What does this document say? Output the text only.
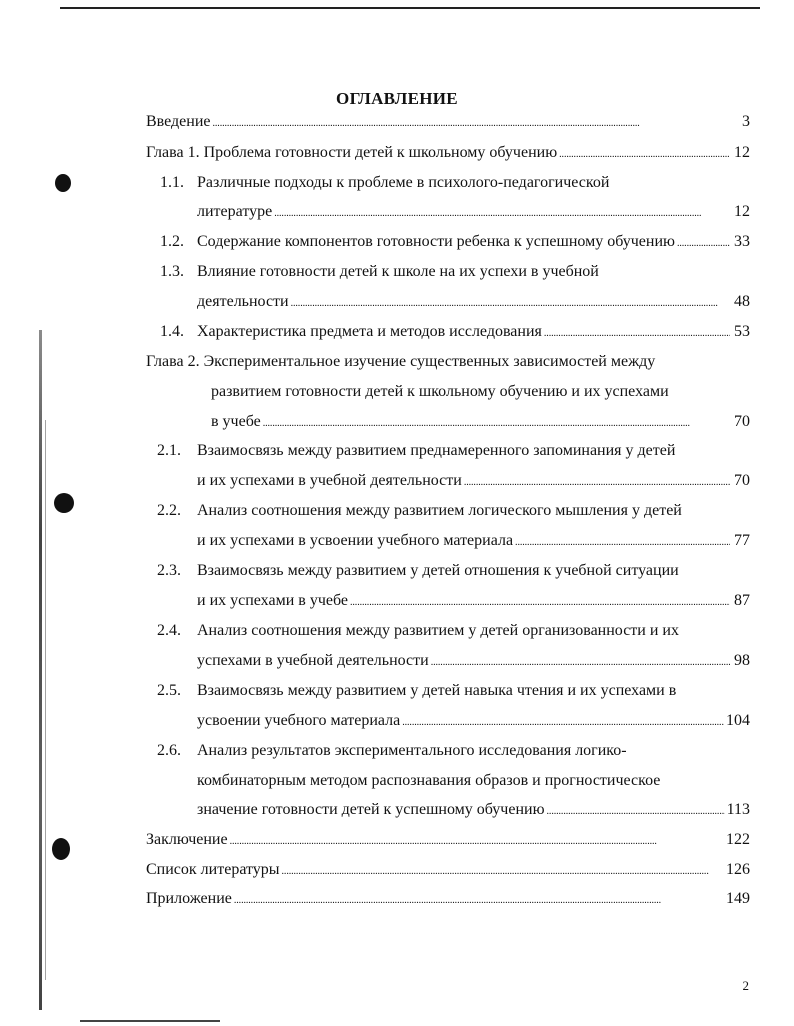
ОГЛАВЛЕНИЕ
Введение . . .	3
Глава 1. Проблема готовности детей к школьному обучению . . .	12
1.1. Различные подходы к проблеме в психолого-педагогической
литературе . . .	12
1.2. Содержание компонентов готовности ребенка к успешному обучению . . .	33
1.3. Влияние готовности детей к школе на их успехи в учебной
деятельности . . .	48
1.4. Характеристика предмета и методов исследования . . .	53
Глава 2. Экспериментальное изучение существенных зависимостей между
развитием готовности детей к школьному обучению и их успехами
в учебе . . .	70
2.1.	Взаимосвязь между развитием преднамеренного запоминания у детей
и их успехами в учебной деятельности . . .	70
2.2.	Анализ соотношения между развитием логического мышления у детей
и их успехами в усвоении учебного материала . . .	77
2.3.	Взаимосвязь между развитием у детей отношения к учебной ситуации
и их успехами в учебе . . .	87
2.4.	Анализ соотношения между развитием у детей организованности и их
успехами в учебной деятельности . . .	98
2.5.	Взаимосвязь между развитием у детей навыка чтения и их успехами в
усвоении учебного материала . . .	104
2.6.	Анализ результатов экспериментального исследования логико-
комбинаторным методом распознавания образов и прогностическое
значение готовности детей к успешному обучению . . .	113
Заключение . . .	122
Список литературы . . .	126
Приложение . . .	149
2
